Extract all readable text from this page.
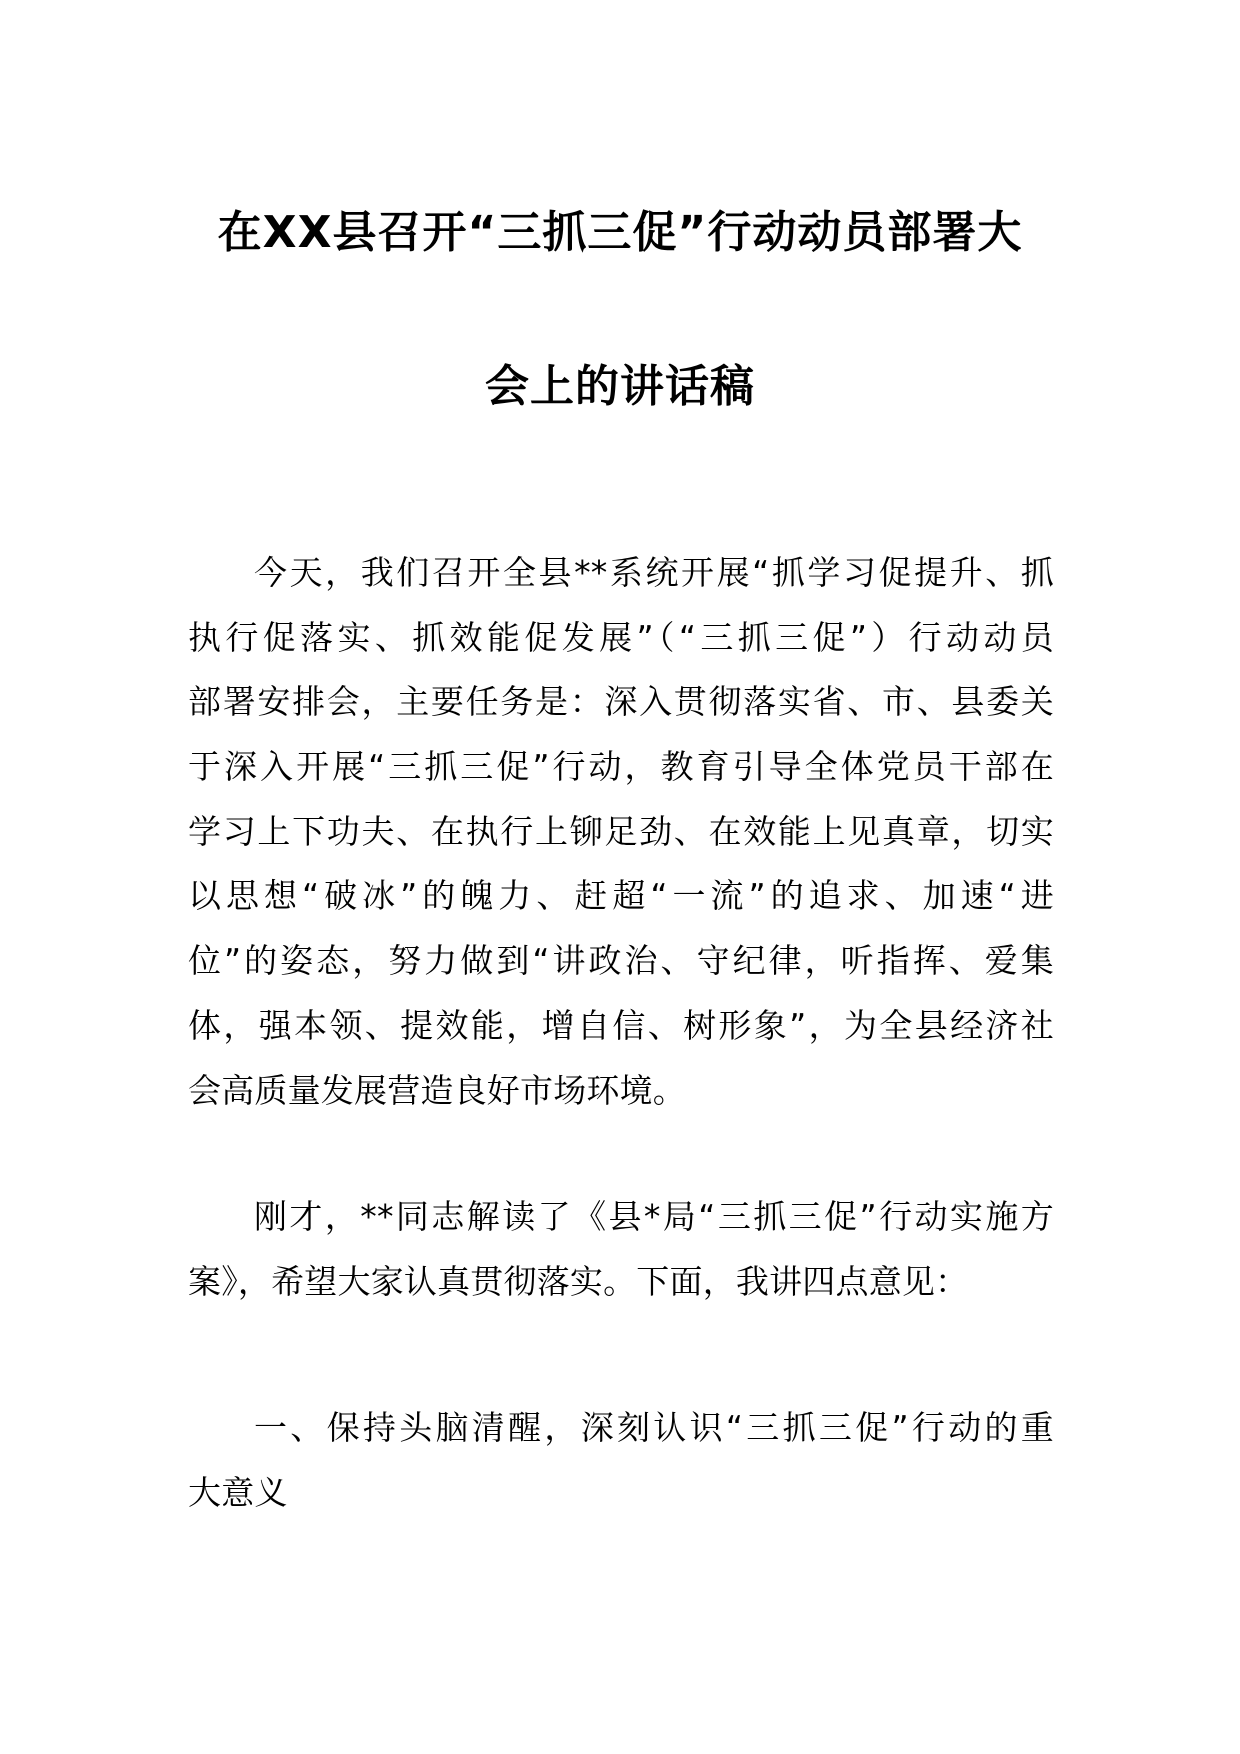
在XX县召开“三抓三促”行动动员部署大
会上的讲话稿
今天，我们召开全县**系统开展“抓学习促提升、抓
执行促落实、抓效能促发展”（“三抓三促”）行动动员
部署安排会，主要任务是：深入贯彻落实省、市、县委关
于深入开展“三抓三促”行动，教育引导全体党员干部在
学习上下功夫、在执行上铆足劲、在效能上见真章，切实
以思想“破冰”的魄力、赶超“一流”的追求、加速“进
位”的姿态，努力做到“讲政治、守纪律，听指挥、爱集
体，强本领、提效能，增自信、树形象”，为全县经济社
会高质量发展营造良好市场环境。
刚才，**同志解读了《县*局“三抓三促”行动实施方
案》，希望大家认真贯彻落实。下面，我讲四点意见：
一、保持头脑清醒，深刻认识“三抓三促”行动的重
大意义
